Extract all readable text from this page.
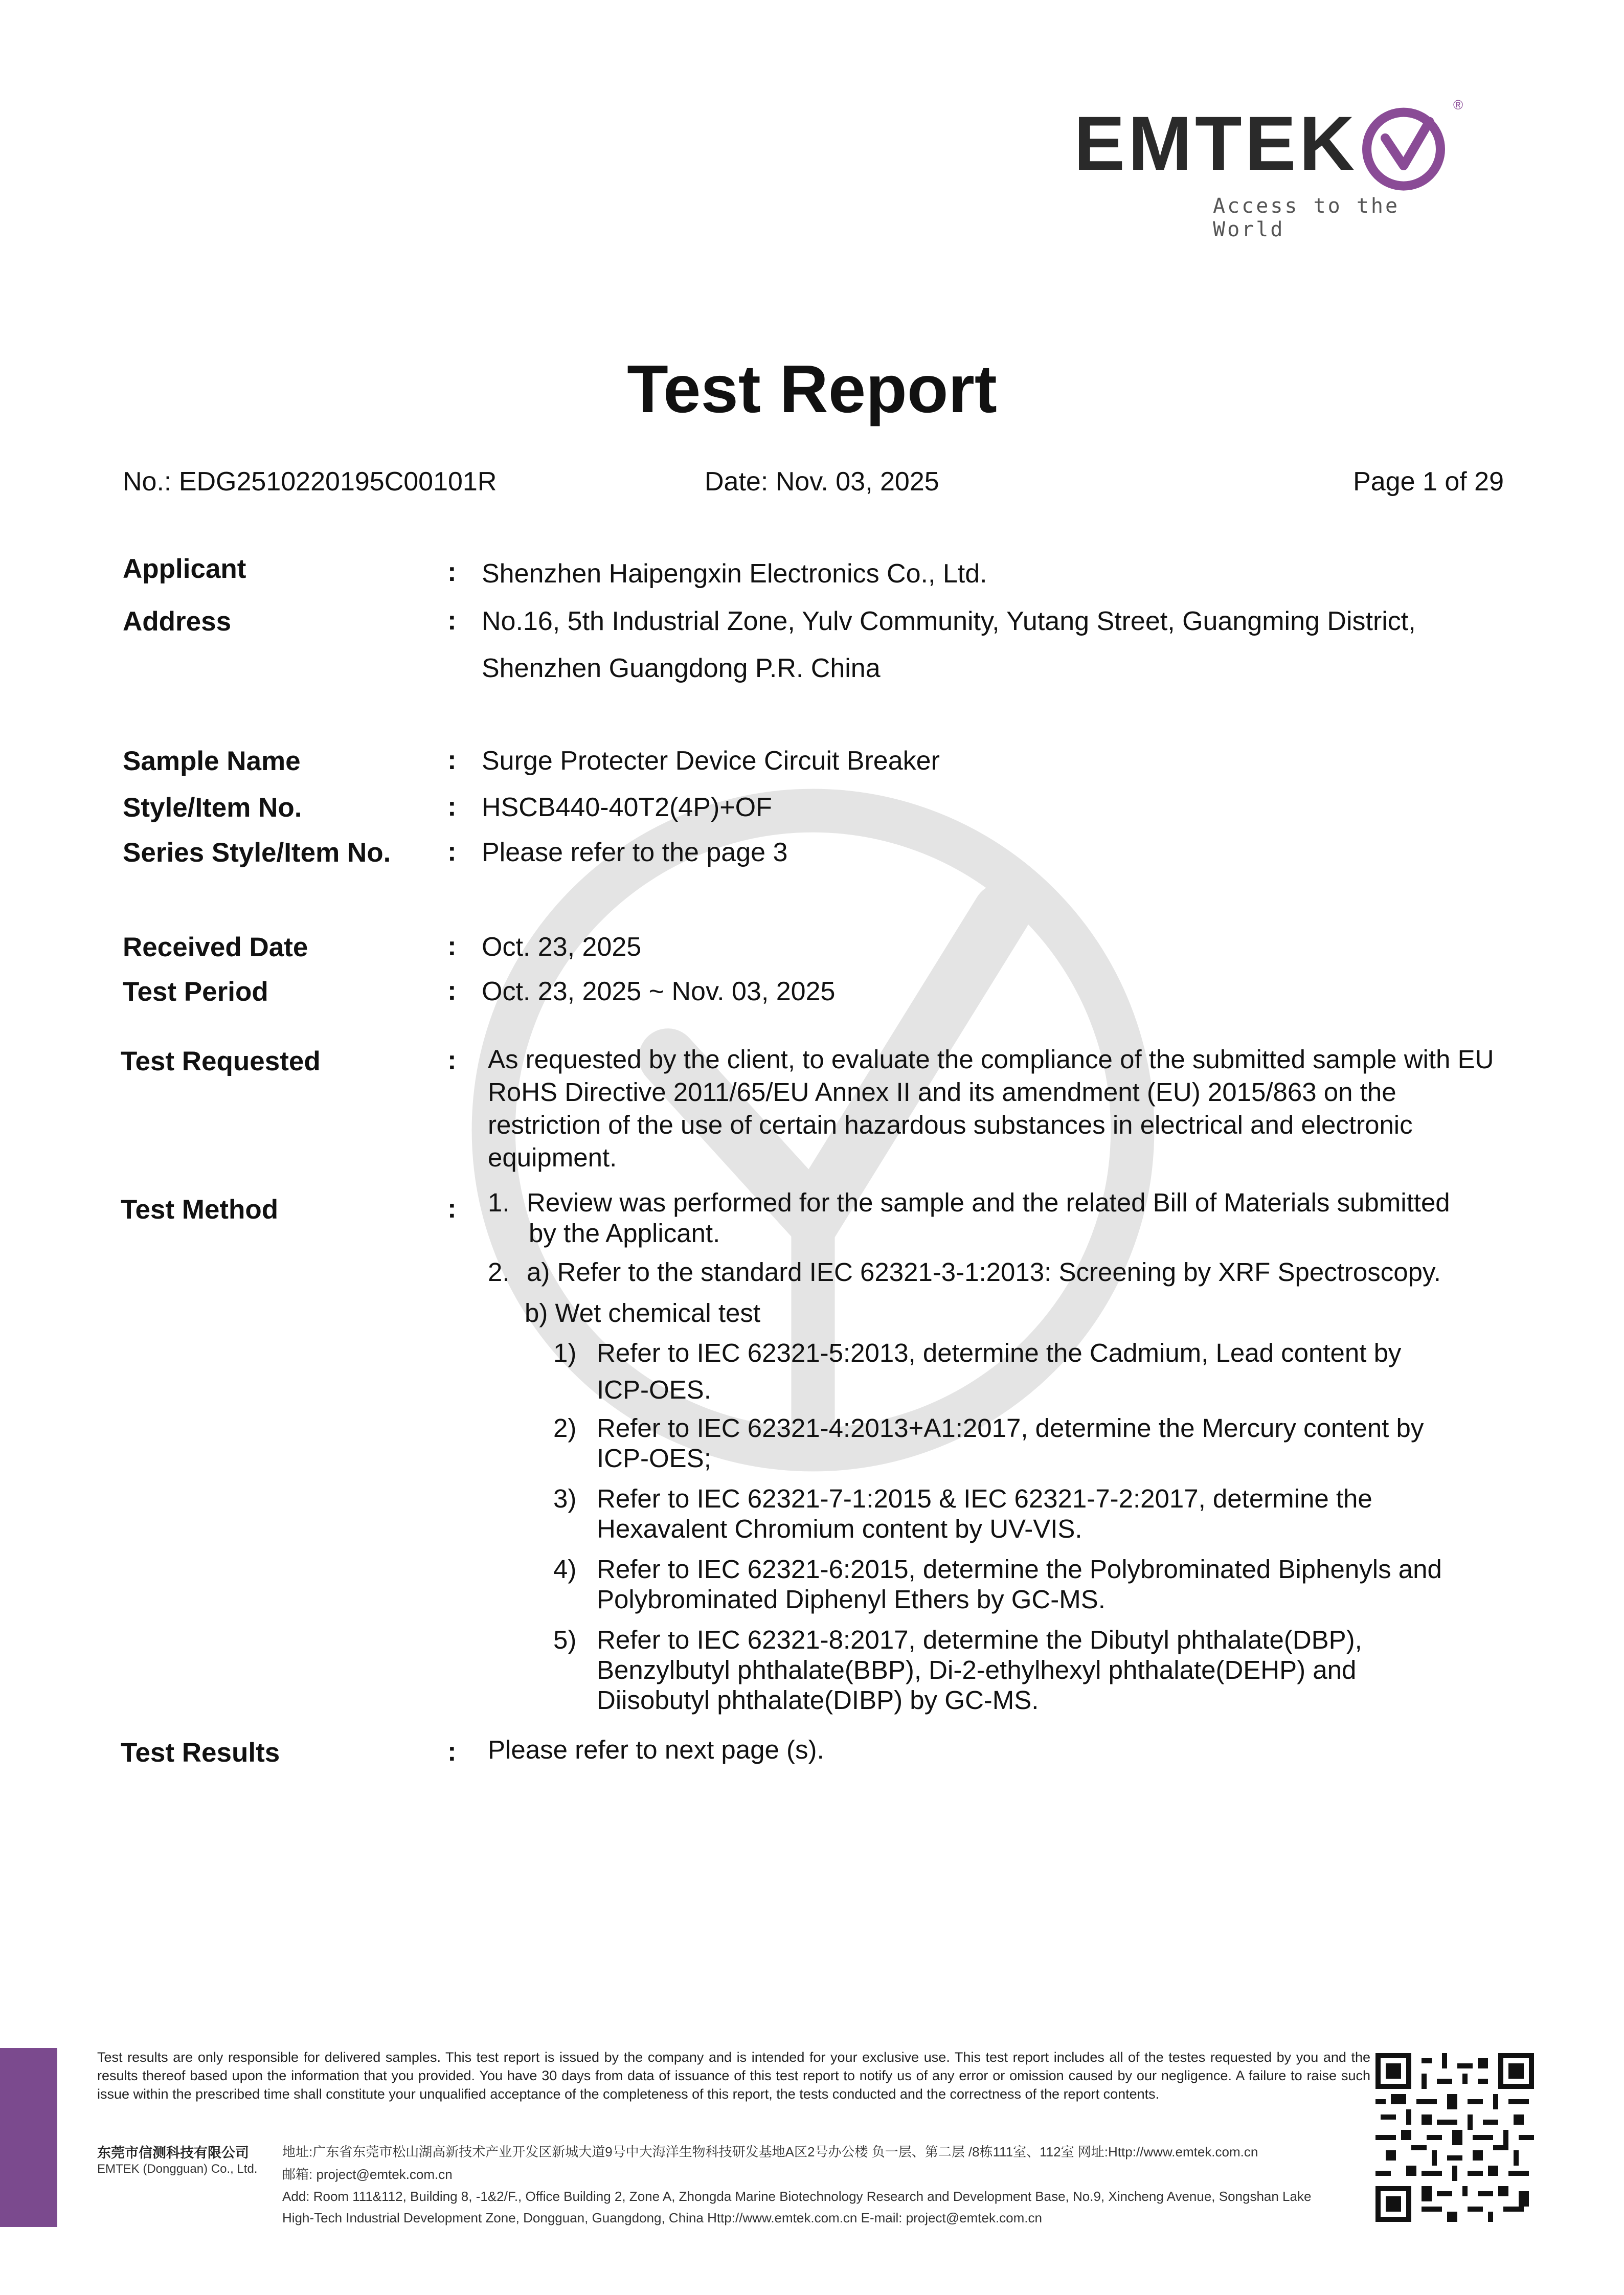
EMTEK	®
Access to the World
Test Report
No.: EDG2510220195C00101R	Date: Nov. 03, 2025	Page 1 of 29
Applicant	: Shenzhen Haipengxin Electronics Co., Ltd.
Address	: No.16, 5th Industrial Zone, Yulv Community, Yutang Street, Guangming District,
Shenzhen Guangdong P.R. China
Sample Name	: Surge Protecter Device Circuit Breaker
Style/Item No.	: HSCB440-40T2(4P)+OF
Series Style/Item No. : Please refer to the page 3
Received Date	: Oct. 23, 2025
Test Period	: Oct. 23, 2025 ~ Nov. 03, 2025
Test Requested	: As requested by the client, to evaluate the compliance of the submitted sample with EU RoHS Directive 2011/65/EU Annex II and its amendment (EU) 2015/863 on the restriction of the use of certain hazardous substances in electrical and electronic equipment.
Test Method	: 1. Review was performed for the sample and the related Bill of Materials submitted
by the Applicant.
2. a) Refer to the standard IEC 62321-3-1:2013: Screening by XRF Spectroscopy.
b) Wet chemical test
1) Refer to IEC 62321-5:2013, determine the Cadmium, Lead content by
ICP-OES.
2) Refer to IEC 62321-4:2013+A1:2017, determine the Mercury content by
ICP-OES;
3) Refer to IEC 62321-7-1:2015 & IEC 62321-7-2:2017, determine the
Hexavalent Chromium content by UV-VIS.
4) Refer to IEC 62321-6:2015, determine the Polybrominated Biphenyls and
Polybrominated Diphenyl Ethers by GC-MS.
5) Refer to IEC 62321-8:2017, determine the Dibutyl phthalate(DBP),
Benzylbutyl phthalate(BBP), Di-2-ethylhexyl phthalate(DEHP) and
Diisobutyl phthalate(DIBP) by GC-MS.
Test Results	: Please refer to next page (s).
Test results are only responsible for delivered samples. This test report is issued by the company and is intended for your exclusive use. This test report includes all of the testes requested by you and the results thereof based upon the information that you provided. You have 30 days from data of issuance of this test report to notify us of any error or omission caused by our negligence. A failure to raise such issue within the prescribed time shall constitute your unqualified acceptance of the completeness of this report, the tests conducted and the correctness of the report contents.
东莞市信测科技有限公司
EMTEK (Dongguan) Co., Ltd.
地址:广东省东莞市松山湖高新技术产业开发区新城大道9号中大海洋生物科技研发基地A区2号办公楼 负一层、第二层 /8栋111室、112室 网址:Http://www.emtek.com.cn
邮箱: project@emtek.com.cn
Add: Room 111&112, Building 8, -1&2/F., Office Building 2, Zone A, Zhongda Marine Biotechnology Research and Development Base, No.9, Xincheng Avenue, Songshan Lake
High-Tech Industrial Development Zone, Dongguan, Guangdong, China Http://www.emtek.com.cn E-mail: project@emtek.com.cn
